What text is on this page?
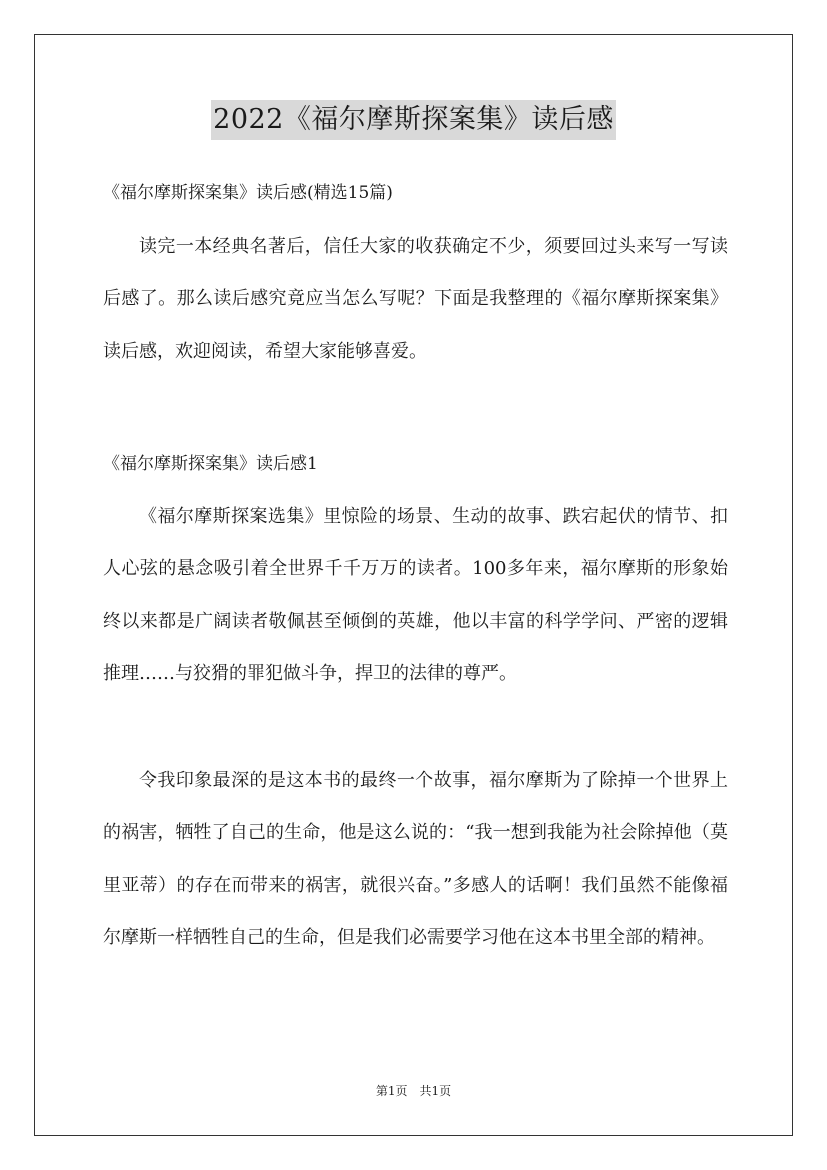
2022《福尔摩斯探案集》读后感
《福尔摩斯探案集》读后感(精选15篇)

读完一本经典名著后，信任大家的收获确定不少，须要回过头来写一写读后感了。那么读后感究竟应当怎么写呢？下面是我整理的《福尔摩斯探案集》读后感，欢迎阅读，希望大家能够喜爱。

《福尔摩斯探案集》读后感1

《福尔摩斯探案选集》里惊险的场景、生动的故事、跌宕起伏的情节、扣人心弦的悬念吸引着全世界千千万万的读者。100多年来，福尔摩斯的形象始终以来都是广阔读者敬佩甚至倾倒的英雄，他以丰富的科学学问、严密的逻辑推理……与狡猾的罪犯做斗争，捍卫的法律的尊严。

令我印象最深的是这本书的最终一个故事，福尔摩斯为了除掉一个世界上的祸害，牺牲了自己的生命，他是这么说的：“我一想到我能为社会除掉他（莫里亚蒂）的存在而带来的祸害，就很兴奋。”多感人的话啊！我们虽然不能像福尔摩斯一样牺牲自己的生命，但是我们必需要学习他在这本书里全部的精神。

第1页　共1页
